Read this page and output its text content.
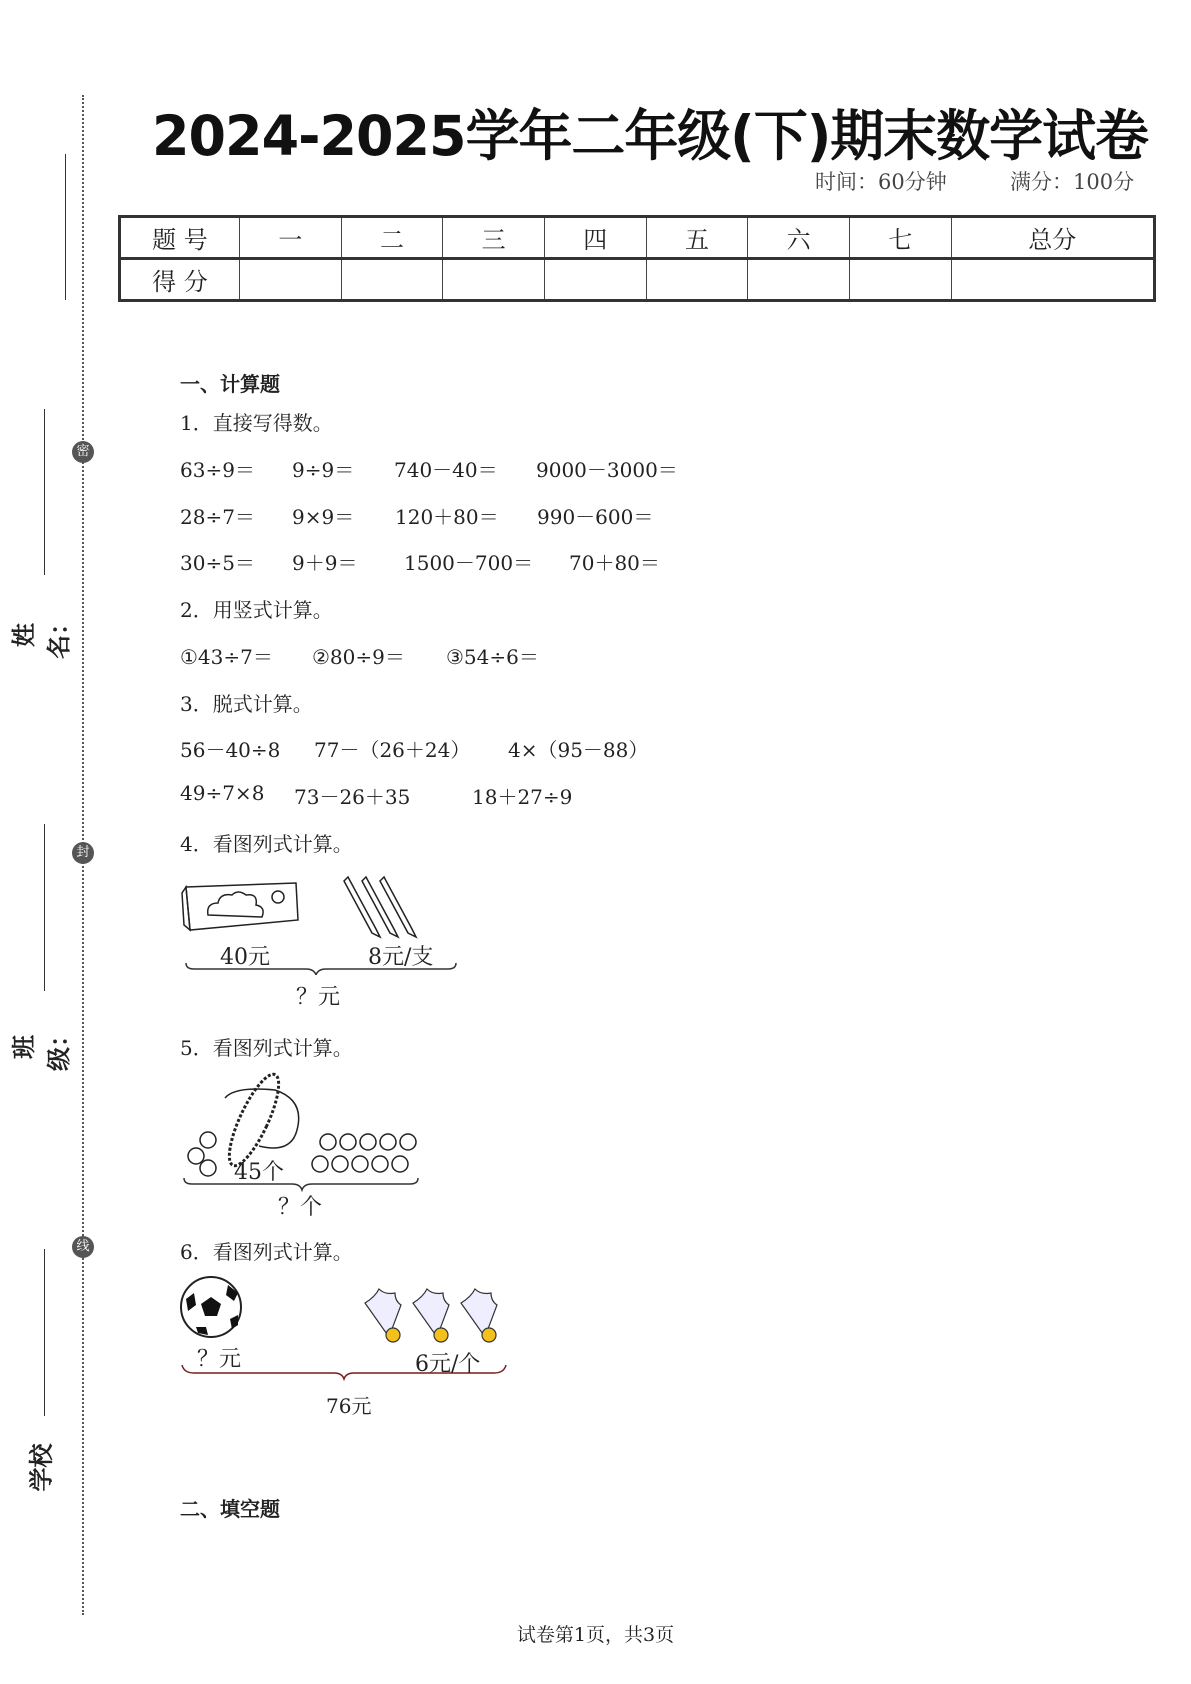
2024-2025学年二年级(下)期末数学试卷
时间：60分钟	满分：100分
题 号	一	二	三	四	五	六	七	总分
得 分								
密
封
线
姓名：
班级：
学校
一、计算题
1．直接写得数。
63÷9＝ 9÷9＝ 740－40＝ 9000－3000＝
28÷7＝ 9×9＝ 120＋80＝ 990－600＝
30÷5＝ 9＋9＝ 1500－700＝ 70＋80＝
2．用竖式计算。
①43÷7＝ ②80÷9＝ ③54÷6＝
3．脱式计算。
56－40÷8 77－（26＋24） 4×（95－88）
49÷7×8 73－26＋35	18＋27÷9
4．看图列式计算。
40元	8元/支
？元
5．看图列式计算。
45个
？个
6．看图列式计算。
？元	6元/个
76元
二、填空题
试卷第1页，共3页
